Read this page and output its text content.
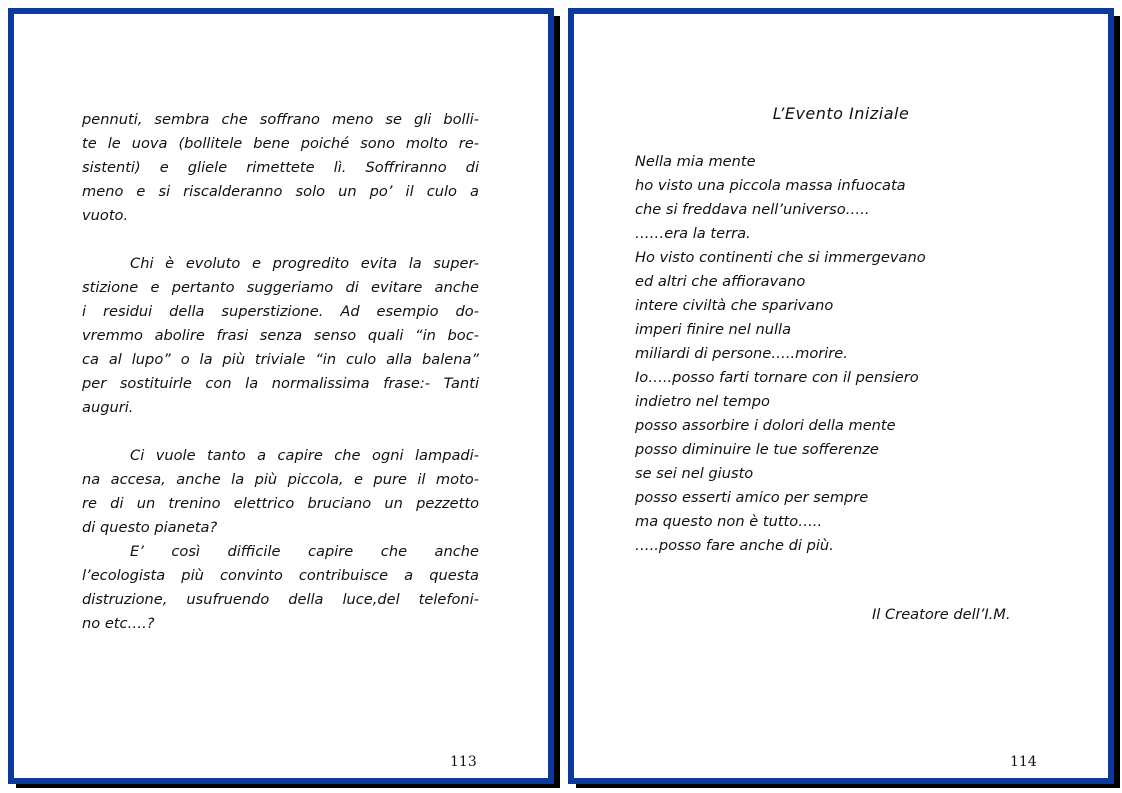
pennuti, sembra che soffrano meno se gli bolli-
te le uova (bollitele bene poiché sono molto re-
sistenti) e gliele rimettete lì. Soffriranno di
meno e si riscalderanno solo un po’ il culo a
vuoto.

Chi è evoluto e progredito evita la super-
stizione e pertanto suggeriamo di evitare anche
i residui della superstizione. Ad esempio do-
vremmo abolire frasi senza senso quali “in boc-
ca al lupo” o la più triviale “in culo alla balena”
per sostituirle con la normalissima frase:- Tanti
auguri.

Ci vuole tanto a capire che ogni lampadi-
na accesa, anche la più piccola, e pure il moto-
re di un trenino elettrico bruciano un pezzetto
di questo pianeta?

E’ così difficile capire che anche
l’ecologista più convinto contribuisce a questa
distruzione, usufruendo della luce,del telefoni-
no etc….?

113
L’Evento Iniziale
Nella mia mente
ho visto una piccola massa infuocata
che si freddava nell’universo…..
……era la terra.
Ho visto continenti che si immergevano
ed altri che affioravano
intere civiltà che sparivano
imperi finire nel nulla
miliardi di persone…..morire.
Io…..posso farti tornare con il pensiero
indietro nel tempo
posso assorbire i dolori della mente
posso diminuire le tue sofferenze
se sei nel giusto
posso esserti amico per sempre
ma questo non è tutto…..
…..posso fare anche di più.
Il Creatore dell’I.M.
114
